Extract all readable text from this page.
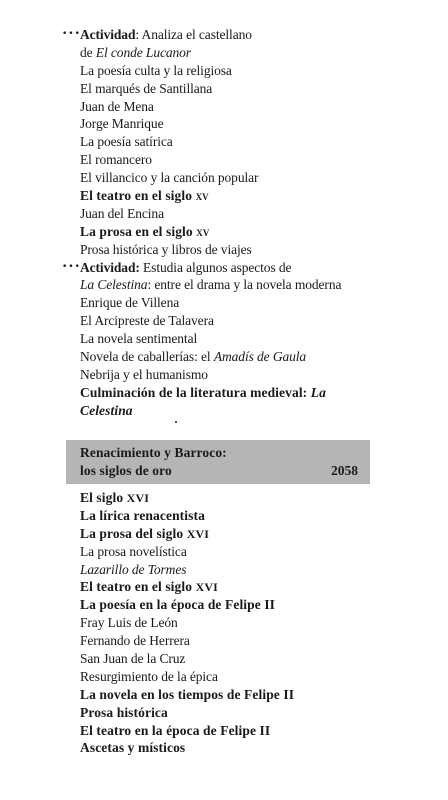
•••
•••
Actividad: Analiza el castellano
de El conde Lucanor
La poesía culta y la religiosa
El marqués de Santillana
Juan de Mena
Jorge Manrique
La poesía satírica
El romancero
El villancico y la canción popular
El teatro en el siglo xv
Juan del Encina
La prosa en el siglo xv
Prosa histórica y libros de viajes
Actividad: Estudia algunos aspectos de
La Celestina: entre el drama y la novela moderna
Enrique de Villena
El Arcipreste de Talavera
La novela sentimental
Novela de caballerías: el Amadís de Gaula
Nebrija y el humanismo
Culminación de la literatura medieval: La
Celestina
Renacimiento y Barroco:
los siglos de oro	2058
El siglo XVI
La lírica renacentista
La prosa del siglo XVI
La prosa novelística
Lazarillo de Tormes
El teatro en el siglo XVI
La poesía en la época de Felipe II
Fray Luis de León
Fernando de Herrera
San Juan de la Cruz
Resurgimiento de la épica
La novela en los tiempos de Felipe II
Prosa histórica
El teatro en la época de Felipe II
Ascetas y místicos
